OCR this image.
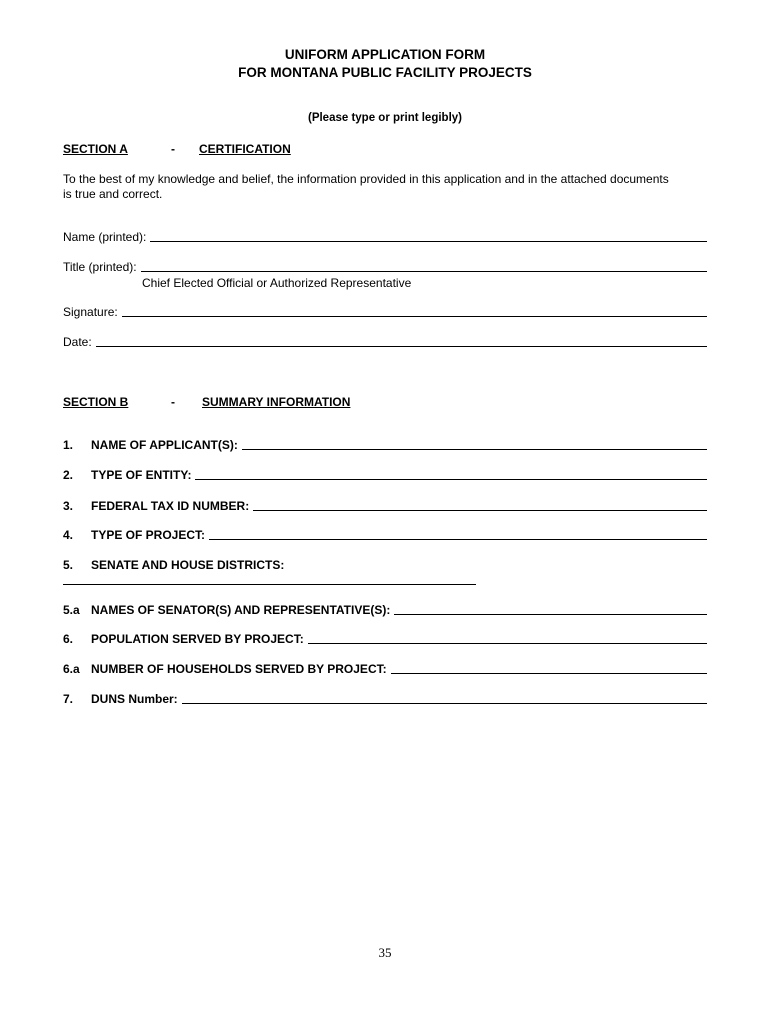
UNIFORM APPLICATION FORM
FOR MONTANA PUBLIC FACILITY PROJECTS
(Please type or print legibly)
SECTION A	- CERTIFICATION
To the best of my knowledge and belief, the information provided in this application and in the attached documents
is true and correct.
Name (printed):
Title (printed):
Chief Elected Official or Authorized Representative
Signature:
Date:
SECTION B	- SUMMARY INFORMATION
1. NAME OF APPLICANT(S):
2. TYPE OF ENTITY:
3. FEDERAL TAX ID NUMBER:
4. TYPE OF PROJECT:
5. SENATE AND HOUSE DISTRICTS:
5.a NAMES OF SENATOR(S) AND REPRESENTATIVE(S):
6. POPULATION SERVED BY PROJECT:
6.a NUMBER OF HOUSEHOLDS SERVED BY PROJECT:
7. DUNS Number:
35
